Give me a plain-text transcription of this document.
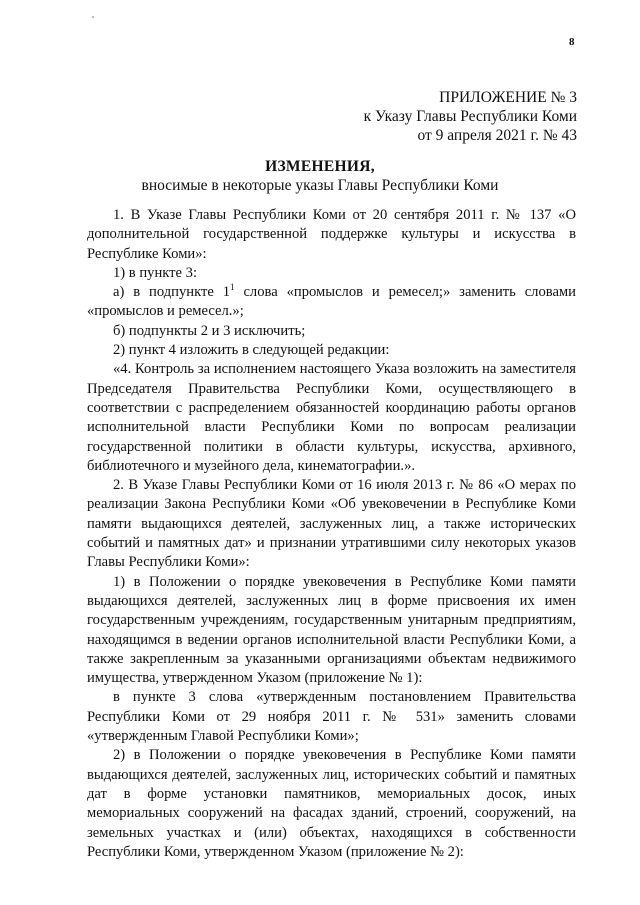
8
ПРИЛОЖЕНИЕ № 3
к Указу Главы Республики Коми
от 9 апреля 2021 г. № 43
ИЗМЕНЕНИЯ,
вносимые в некоторые указы Главы Республики Коми

1. В Указе Главы Республики Коми от 20 сентября 2011 г. № 137 «О дополнительной государственной поддержке культуры и искусства в Республике Коми»:

1) в пункте 3:

а) в подпункте $1^1$ слова «промыслов и ремесел;» заменить словами «промыслов и ремесел.»;

б) подпункты 2 и 3 исключить;

2) пункт 4 изложить в следующей редакции:

«4. Контроль за исполнением настоящего Указа возложить на заместителя Председателя Правительства Республики Коми, осуществляющего в соответствии с распределением обязанностей координацию работы органов исполнительной власти Республики Коми по вопросам реализации государственной политики в области культуры, искусства, архивного, библиотечного и музейного дела, кинематографии.».

2. В Указе Главы Республики Коми от 16 июля 2013 г. № 86 «О мерах по реализации Закона Республики Коми «Об увековечении в Республике Коми памяти выдающихся деятелей, заслуженных лиц, а также исторических событий и памятных дат» и признании утратившими силу некоторых указов Главы Республики Коми»:

1) в Положении о порядке увековечения в Республике Коми памяти выдающихся деятелей, заслуженных лиц в форме присвоения их имен государственным учреждениям, государственным унитарным предприятиям, находящимся в ведении органов исполнительной власти Республики Коми, а также закрепленным за указанными организациями объектам недвижимого имущества, утвержденном Указом (приложение № 1):

в пункте 3 слова «утвержденным постановлением Правительства Республики Коми от 29 ноября 2011 г. № 531» заменить словами «утвержденным Главой Республики Коми»;

2) в Положении о порядке увековечения в Республике Коми памяти выдающихся деятелей, заслуженных лиц, исторических событий и памятных дат в форме установки памятников, мемориальных досок, иных мемориальных сооружений на фасадах зданий, строений, сооружений, на земельных участках и (или) объектах, находящихся в собственности Республики Коми, утвержденном Указом (приложение № 2):
